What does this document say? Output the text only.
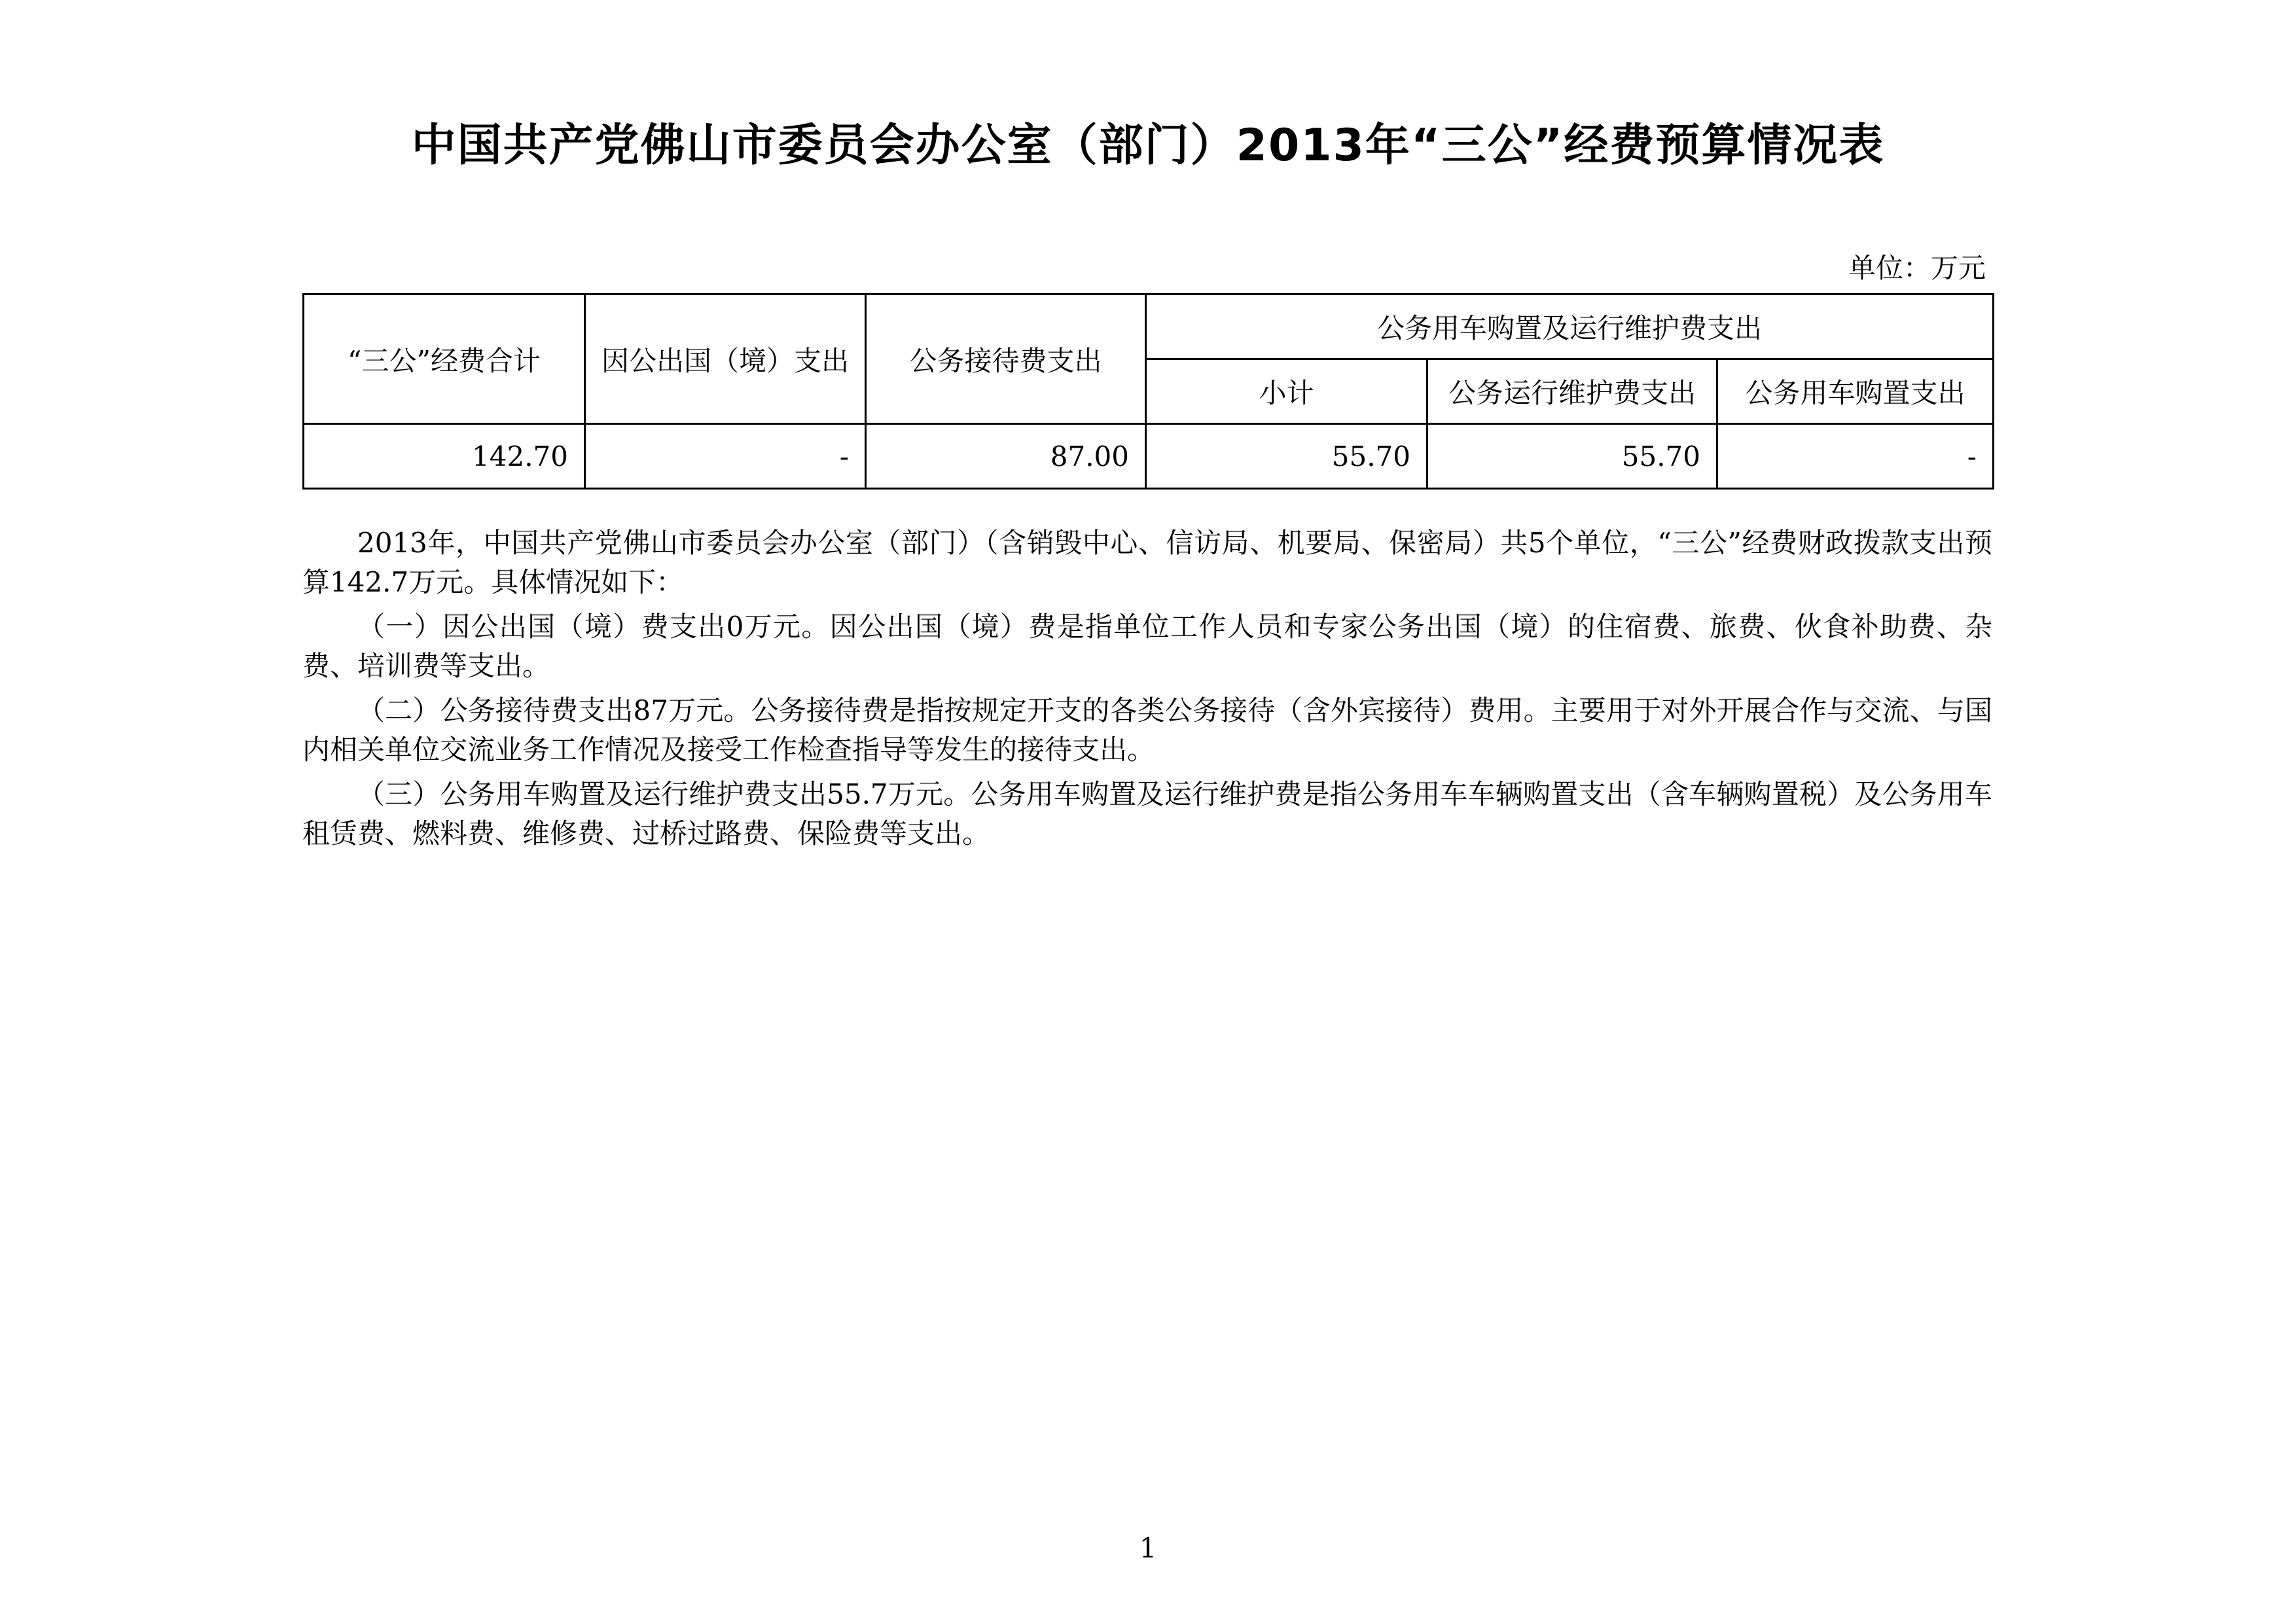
中国共产党佛山市委员会办公室（部门）2013年“三公”经费预算情况表
单位：万元
“三公”经费合计	因公出国（境）支出	公务接待费支出	公务用车购置及运行维护费支出		
			小计	公务运行维护费支出	公务用车购置支出
142.70	-	87.00	55.70	55.70	-

2013年，中国共产党佛山市委员会办公室（部门）（含销毁中心、信访局、机要局、保密局）共5个单位，“三公”经费财政拨款支出预算142.7万元。具体情况如下：

（一）因公出国（境）费支出0万元。因公出国（境）费是指单位工作人员和专家公务出国（境）的住宿费、旅费、伙食补助费、杂费、培训费等支出。

（二）公务接待费支出87万元。公务接待费是指按规定开支的各类公务接待（含外宾接待）费用。主要用于对外开展合作与交流、与国内相关单位交流业务工作情况及接受工作检查指导等发生的接待支出。

（三）公务用车购置及运行维护费支出55.7万元。公务用车购置及运行维护费是指公务用车车辆购置支出（含车辆购置税）及公务用车租赁费、燃料费、维修费、过桥过路费、保险费等支出。

1
